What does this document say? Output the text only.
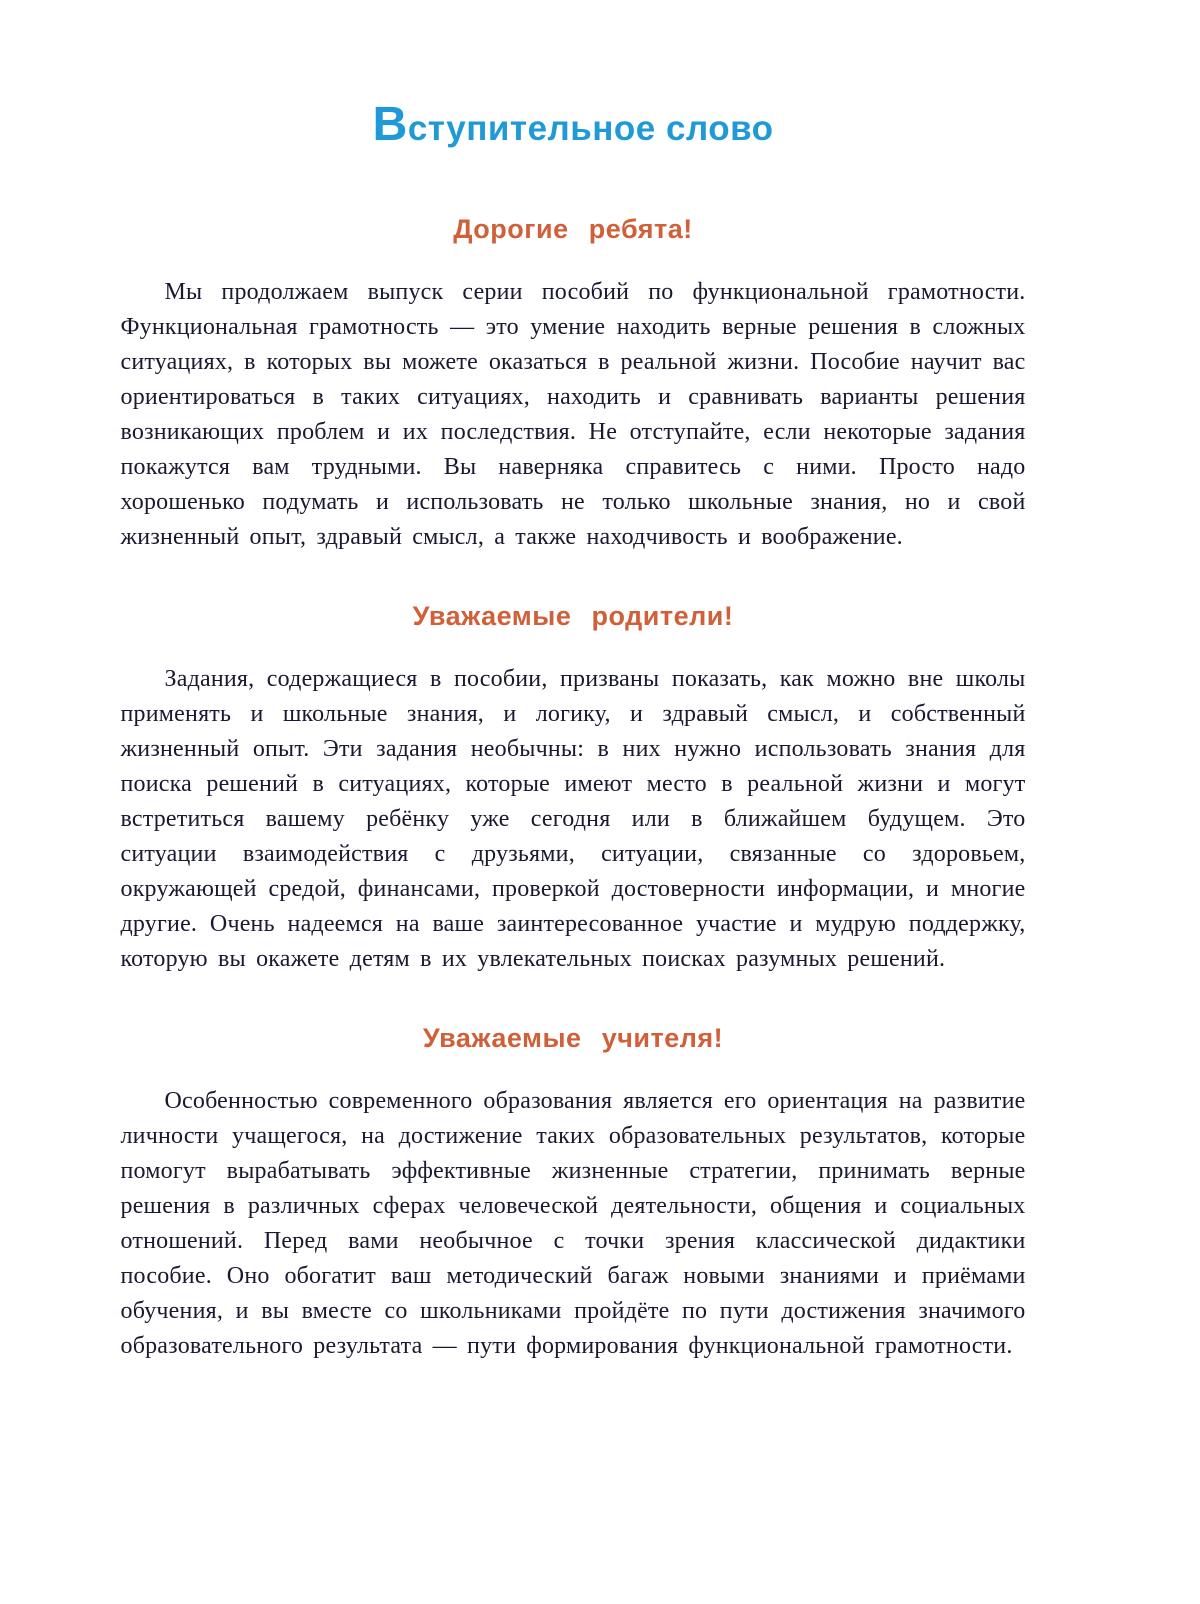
Вступительное слово
Дорогие ребята!

Мы продолжаем выпуск серии пособий по функциональной грамотности. Функциональная грамотность — это умение находить верные решения в сложных ситуациях, в которых вы можете оказаться в реальной жизни. Пособие научит вас ориентироваться в таких ситуациях, находить и сравнивать варианты решения возникающих проблем и их последствия. Не отступайте, если некоторые задания покажутся вам трудными. Вы наверняка справитесь с ними. Просто надо хорошенько подумать и использовать не только школьные знания, но и свой жизненный опыт, здравый смысл, а также находчивость и воображение.

Уважаемые родители!

Задания, содержащиеся в пособии, призваны показать, как можно вне школы применять и школьные знания, и логику, и здравый смысл, и собственный жизненный опыт. Эти задания необычны: в них нужно использовать знания для поиска решений в ситуациях, которые имеют место в реальной жизни и могут встретиться вашему ребёнку уже сегодня или в ближайшем будущем. Это ситуации взаимодействия с друзьями, ситуации, связанные со здоровьем, окружающей средой, финансами, проверкой достоверности информации, и многие другие. Очень надеемся на ваше заинтересованное участие и мудрую поддержку, которую вы окажете детям в их увлекательных поисках разумных решений.

Уважаемые учителя!

Особенностью современного образования является его ориентация на развитие личности учащегося, на достижение таких образовательных результатов, которые помогут вырабатывать эффективные жизненные стратегии, принимать верные решения в различных сферах человеческой деятельности, общения и социальных отношений. Перед вами необычное с точки зрения классической дидактики пособие. Оно обогатит ваш методический багаж новыми знаниями и приёмами обучения, и вы вместе со школьниками пройдёте по пути достижения значимого образовательного результата — пути формирования функциональной грамотности.
